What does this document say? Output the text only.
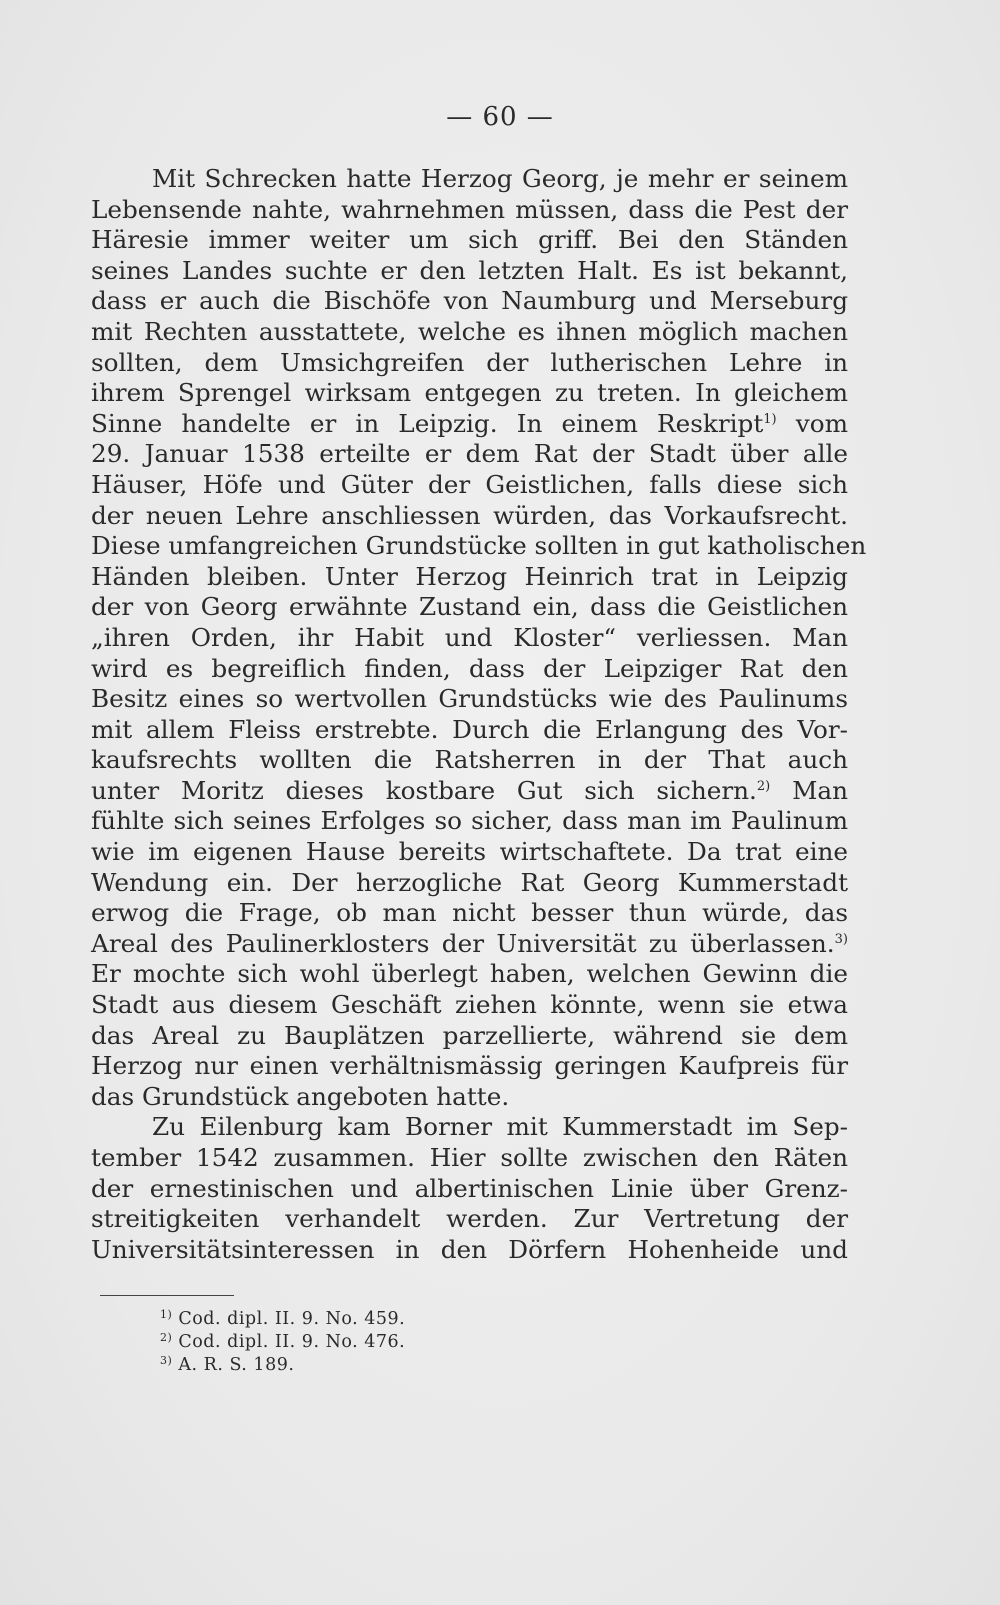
— 60 —
Mit Schrecken hatte Herzog Georg, je mehr er seinem
Lebensende nahte, wahrnehmen müssen, dass die Pest der
Häresie immer weiter um sich griff. Bei den Ständen
seines Landes suchte er den letzten Halt. Es ist bekannt,
dass er auch die Bischöfe von Naumburg und Merseburg
mit Rechten ausstattete, welche es ihnen möglich machen
sollten, dem Umsichgreifen der lutherischen Lehre in
ihrem Sprengel wirksam entgegen zu treten. In gleichem
Sinne handelte er in Leipzig. In einem Reskript$^{1)}$ vom
29. Januar 1538 erteilte er dem Rat der Stadt über alle
Häuser, Höfe und Güter der Geistlichen, falls diese sich
der neuen Lehre anschliessen würden, das Vorkaufsrecht.
Diese umfangreichen Grundstücke sollten in gut katholischen
Händen bleiben. Unter Herzog Heinrich trat in Leipzig
der von Georg erwähnte Zustand ein, dass die Geistlichen
„ihren Orden, ihr Habit und Kloster“ verliessen. Man
wird es begreiflich finden, dass der Leipziger Rat den
Besitz eines so wertvollen Grundstücks wie des Paulinums
mit allem Fleiss erstrebte. Durch die Erlangung des Vor-
kaufsrechts wollten die Ratsherren in der That auch
unter Moritz dieses kostbare Gut sich sichern.$^{2)}$ Man
fühlte sich seines Erfolges so sicher, dass man im Paulinum
wie im eigenen Hause bereits wirtschaftete. Da trat eine
Wendung ein. Der herzogliche Rat Georg Kummerstadt
erwog die Frage, ob man nicht besser thun würde, das
Areal des Paulinerklosters der Universität zu überlassen.$^{3)}$
Er mochte sich wohl überlegt haben, welchen Gewinn die
Stadt aus diesem Geschäft ziehen könnte, wenn sie etwa
das Areal zu Bauplätzen parzellierte, während sie dem
Herzog nur einen verhältnismässig geringen Kaufpreis für
das Grundstück angeboten hatte.
Zu Eilenburg kam Borner mit Kummerstadt im Sep-
tember 1542 zusammen. Hier sollte zwischen den Räten
der ernestinischen und albertinischen Linie über Grenz-
streitigkeiten verhandelt werden. Zur Vertretung der
Universitätsinteressen in den Dörfern Hohenheide und
$^{1)}$ Cod. dipl. II. 9. No. 459.
$^{2)}$ Cod. dipl. II. 9. No. 476.
$^{3)}$ A. R. S. 189.
